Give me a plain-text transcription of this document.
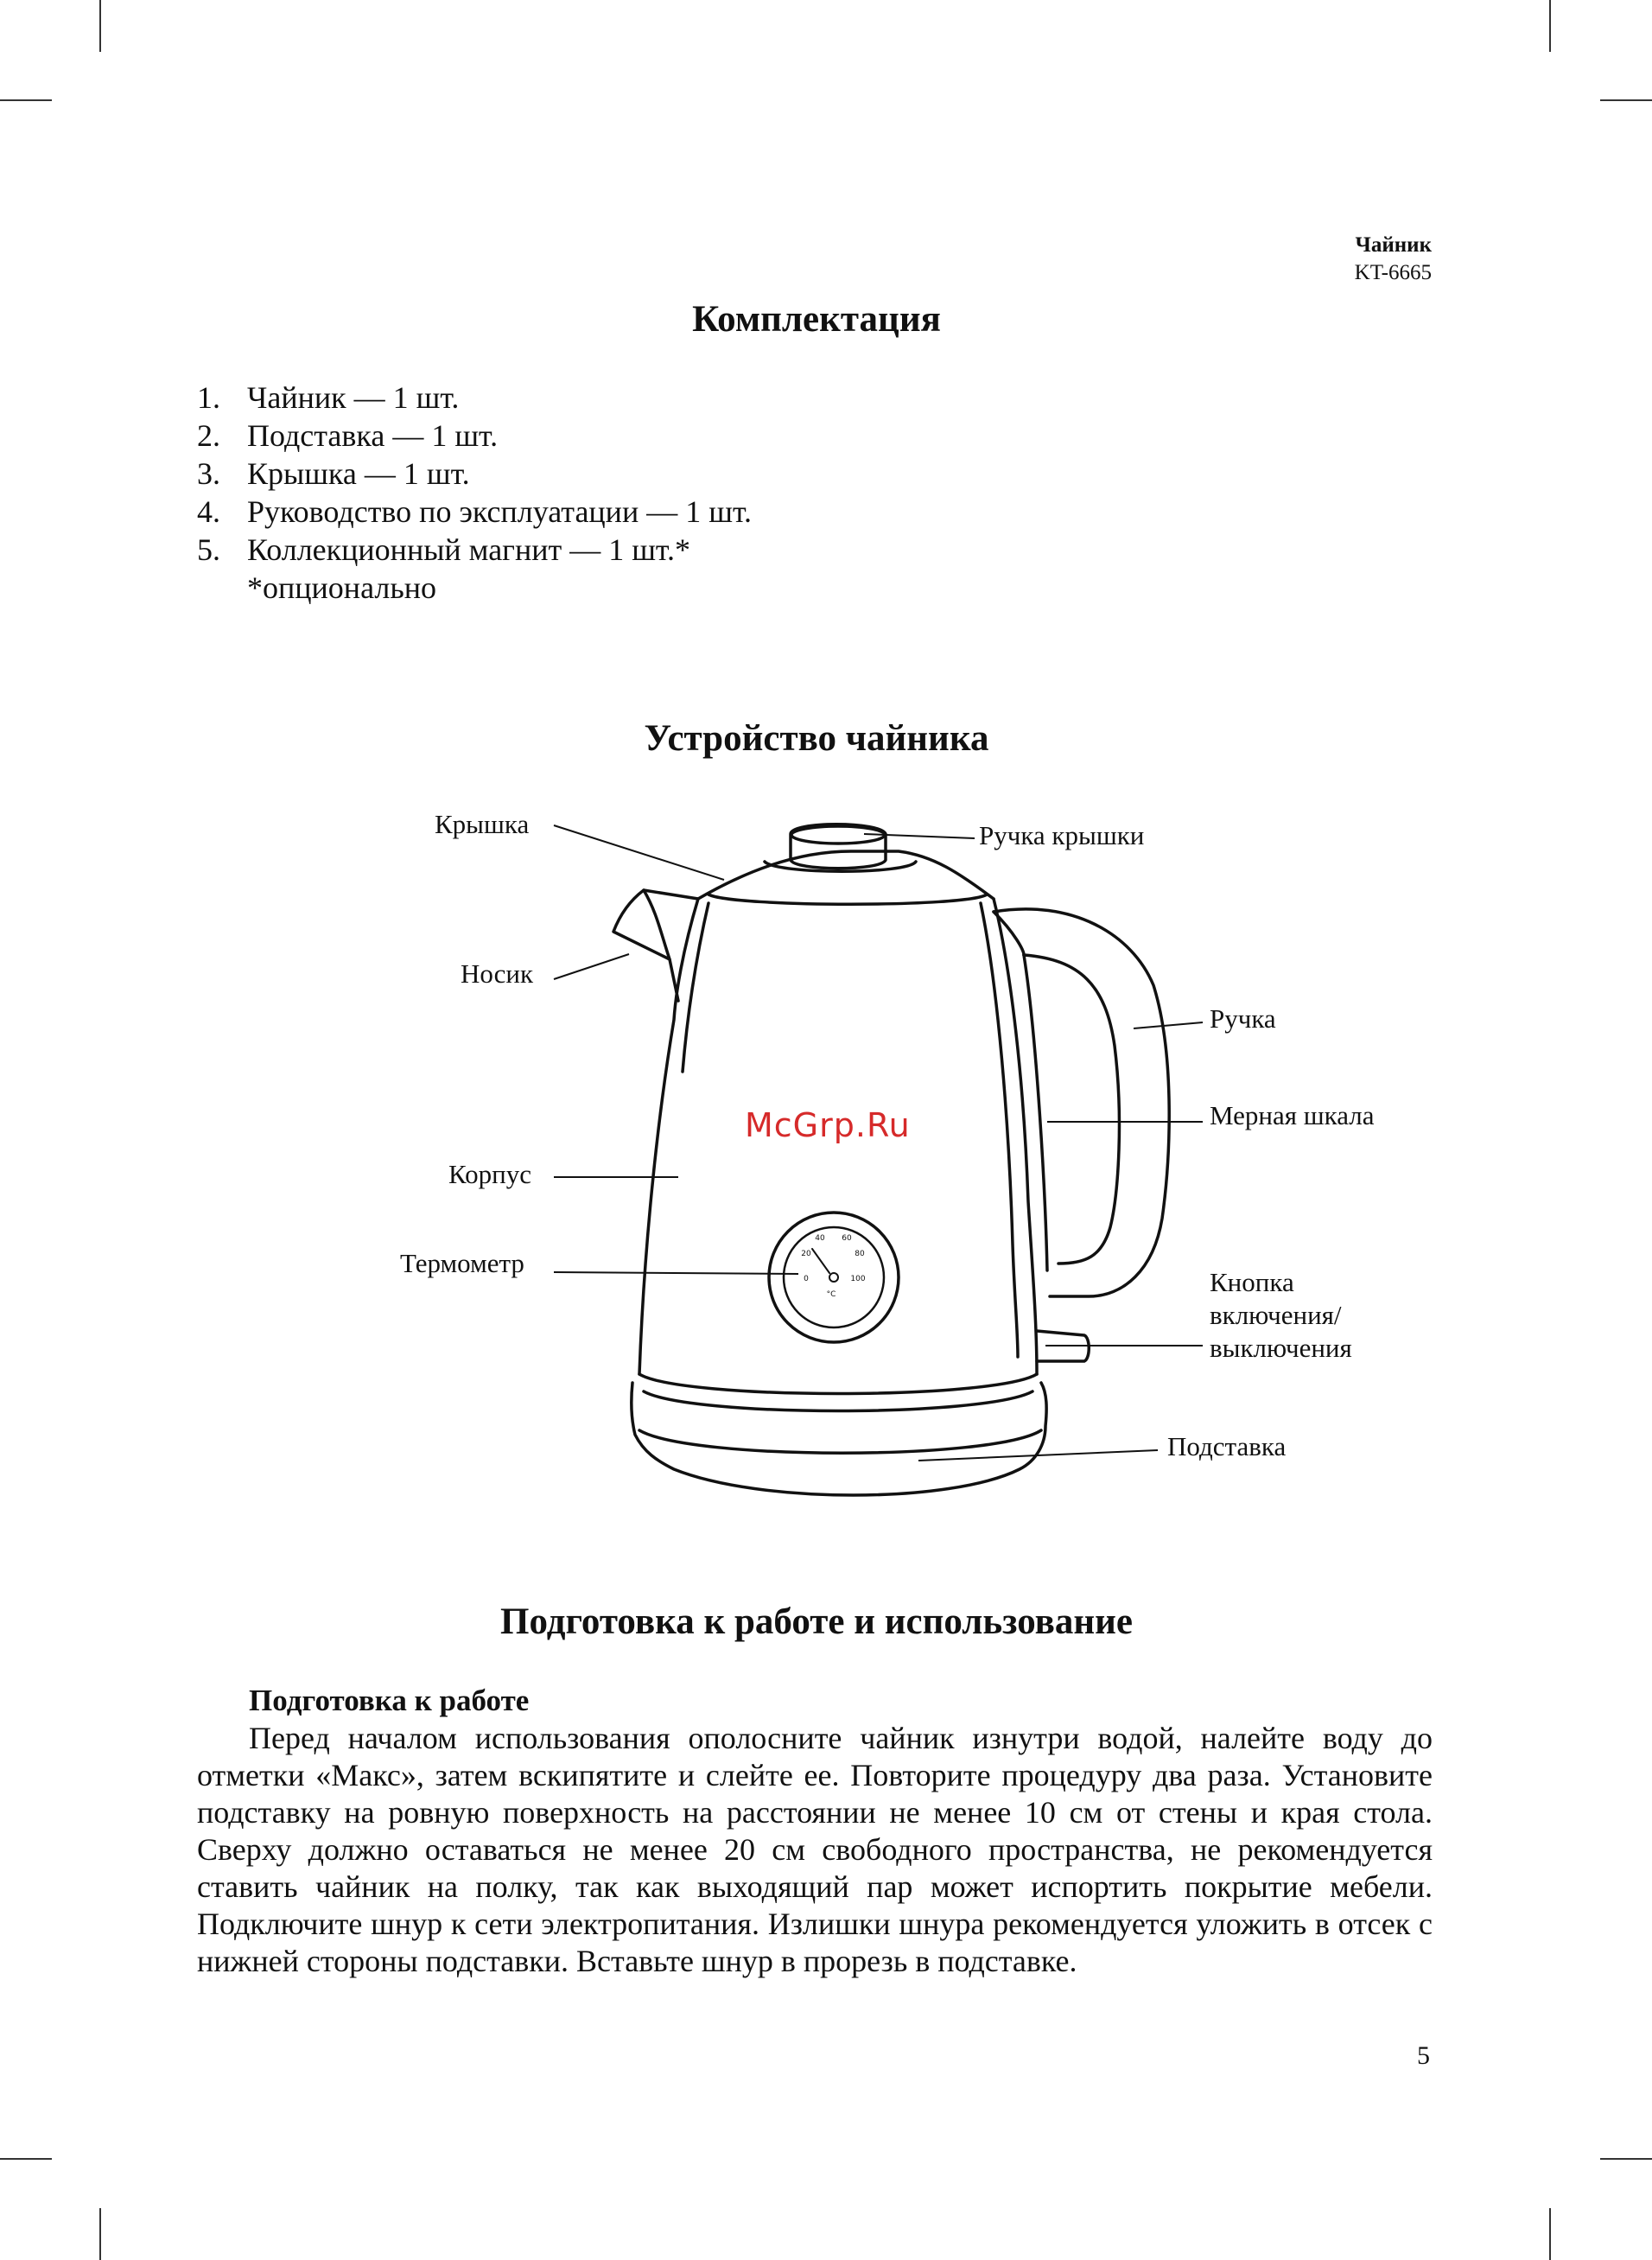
Чайник
KT-6665
Комплектация
1. Чайник — 1 шт.
2. Подставка — 1 шт.
3. Крышка — 1 шт.
4. Руководство по эксплуатации — 1 шт.
5. Коллекционный магнит — 1 шт.*
*опционально
Устройство чайника
40 60
20	80
0	100
°C
Крышка	Ручка крышки
Носик
Ручка
Мерная шкала
Корпус
Термометр
Кнопка
включения/
выключения
Подставка
McGrp.Ru
Подготовка к работе и использование
Подготовка к работе
Перед началом использования ополосните чайник изнутри водой, налейте воду до отметки «Макс», затем вскипятите и слейте ее. Повторите процедуру два раза. Установите подставку на ровную поверхность на расстоянии не менее 10 см от стены и края стола. Сверху должно оставаться не менее 20 см свободного пространства, не рекомендуется ставить чайник на полку, так как выходящий пар может испортить покрытие мебели. Подключите шнур к сети электропитания. Излишки шнура рекомендуется уложить в отсек с нижней стороны подставки. Вставьте шнур в прорезь в подставке.
5
